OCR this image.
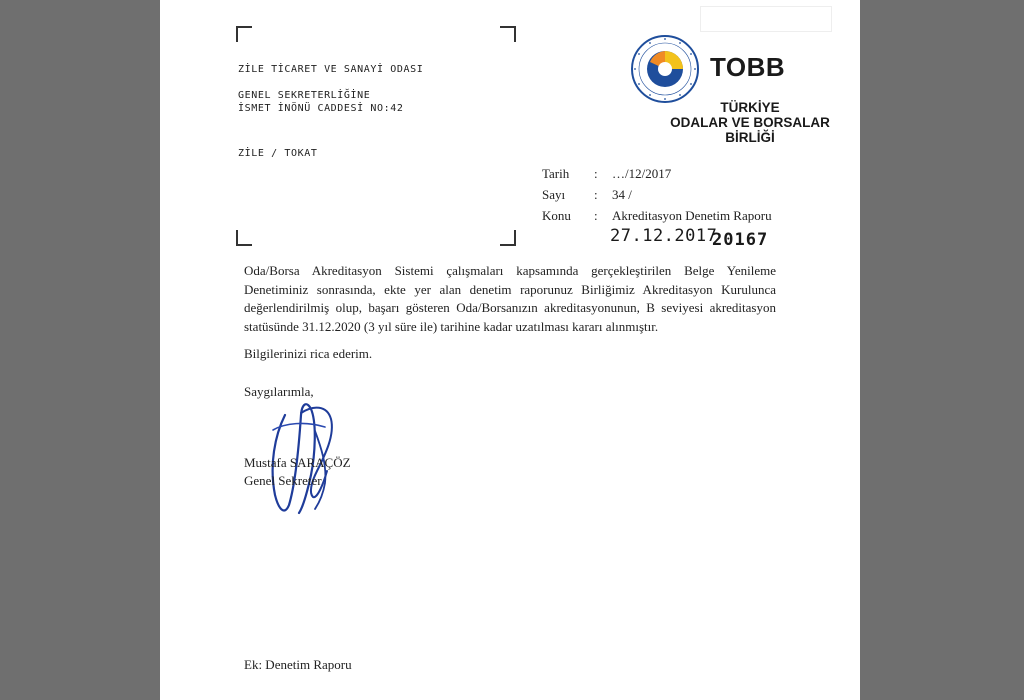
ZİLE TİCARET VE SANAYİ ODASI
GENEL SEKRETERLİĞİNE
İSMET İNÖNÜ CADDESİ NO:42
ZİLE / TOKAT
TOBB
TÜRKİYE
ODALAR VE BORSALAR
BİRLİĞİ
Tarih : …/12/2017
Sayı : 34 /
Konu : Akreditasyon Denetim Raporu
27.12.2017
20167
Oda/Borsa Akreditasyon Sistemi çalışmaları kapsamında gerçekleştirilen Belge Yenileme Denetiminiz sonrasında, ekte yer alan denetim raporunuz Birliğimiz Akreditasyon Kurulunca değerlendirilmiş olup, başarı gösteren Oda/Borsanızın akreditasyonunun, B seviyesi akreditasyon statüsünde 31.12.2020 (3 yıl süre ile) tarihine kadar uzatılması kararı alınmıştır.
Bilgilerinizi rica ederim.
Saygılarımla,
Mustafa SARAÇÖZ
Genel Sekreter
Ek: Denetim Raporu
